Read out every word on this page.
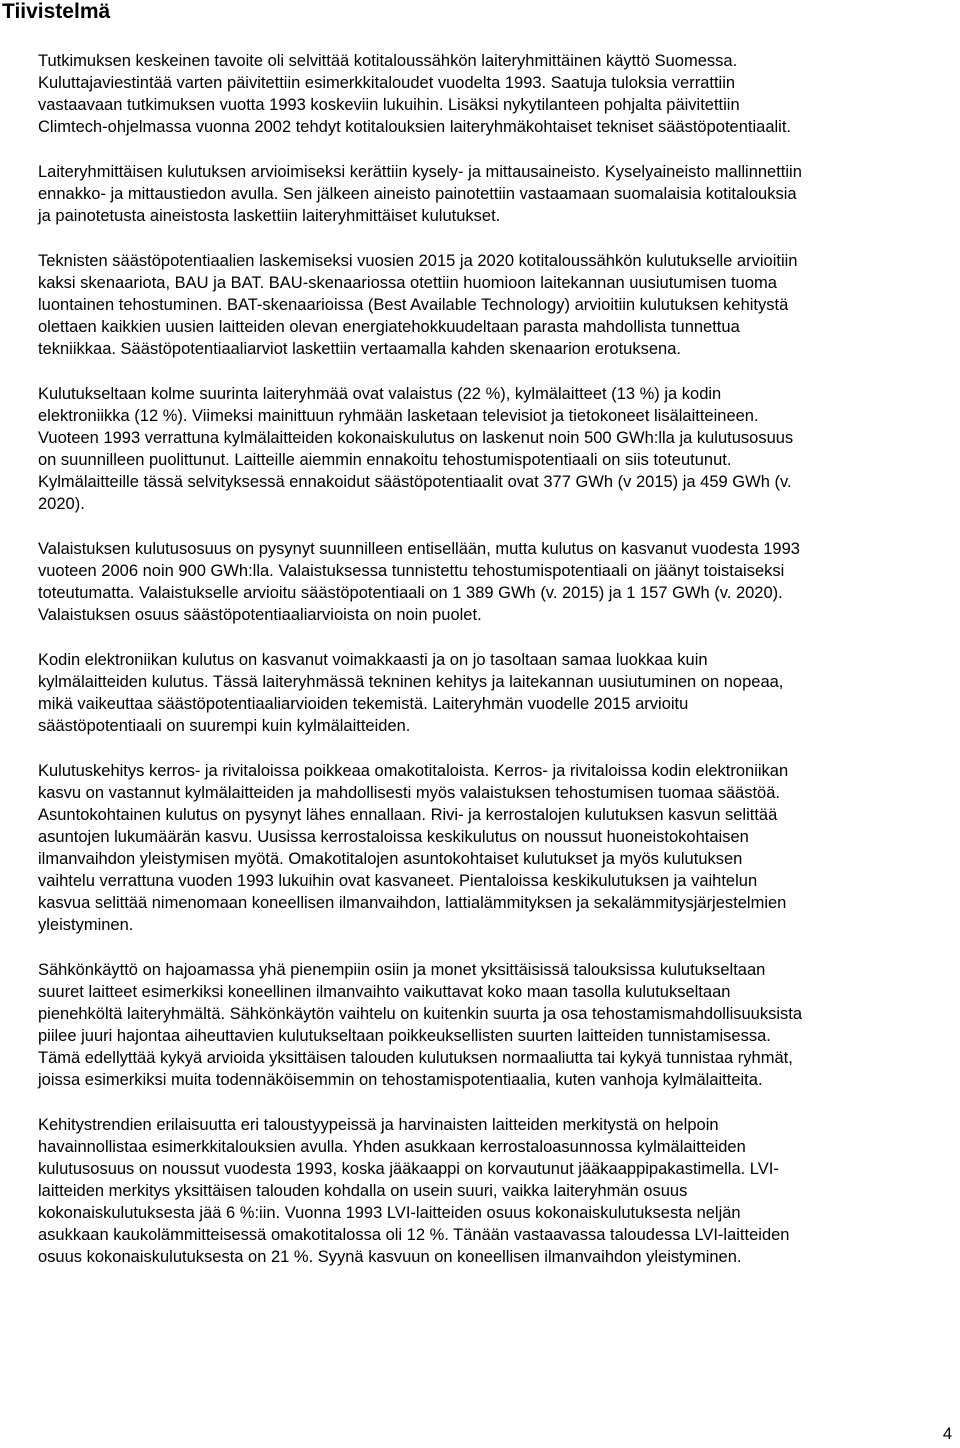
Tiivistelmä

Tutkimuksen keskeinen tavoite oli selvittää kotitaloussähkön laiteryhmittäinen käyttö Suomessa.
Kuluttajaviestintää varten päivitettiin esimerkkitaloudet vuodelta 1993. Saatuja tuloksia verrattiin
vastaavaan tutkimuksen vuotta 1993 koskeviin lukuihin. Lisäksi nykytilanteen pohjalta päivitettiin
Climtech-ohjelmassa vuonna 2002 tehdyt kotitalouksien laiteryhmäkohtaiset tekniset säästöpotentiaalit.

Laiteryhmittäisen kulutuksen arvioimiseksi kerättiin kysely- ja mittausaineisto. Kyselyaineisto mallinnettiin
ennakko- ja mittaustiedon avulla. Sen jälkeen aineisto painotettiin vastaamaan suomalaisia kotitalouksia
ja painotetusta aineistosta laskettiin laiteryhmittäiset kulutukset.

Teknisten säästöpotentiaalien laskemiseksi vuosien 2015 ja 2020 kotitaloussähkön kulutukselle arvioitiin
kaksi skenaariota, BAU ja BAT. BAU-skenaariossa otettiin huomioon laitekannan uusiutumisen tuoma
luontainen tehostuminen. BAT-skenaarioissa (Best Available Technology) arvioitiin kulutuksen kehitystä
olettaen kaikkien uusien laitteiden olevan energiatehokkuudeltaan parasta mahdollista tunnettua
tekniikkaa. Säästöpotentiaaliarviot laskettiin vertaamalla kahden skenaarion erotuksena.

Kulutukseltaan kolme suurinta laiteryhmää ovat valaistus (22 %), kylmälaitteet (13 %) ja kodin
elektroniikka (12 %). Viimeksi mainittuun ryhmään lasketaan televisiot ja tietokoneet lisälaitteineen.
Vuoteen 1993 verrattuna kylmälaitteiden kokonaiskulutus on laskenut noin 500 GWh:lla ja kulutusosuus
on suunnilleen puolittunut. Laitteille aiemmin ennakoitu tehostumispotentiaali on siis toteutunut.
Kylmälaitteille tässä selvityksessä ennakoidut säästöpotentiaalit ovat 377 GWh (v 2015) ja 459 GWh (v.
2020).

Valaistuksen kulutusosuus on pysynyt suunnilleen entisellään, mutta kulutus on kasvanut vuodesta 1993
vuoteen 2006 noin 900 GWh:lla. Valaistuksessa tunnistettu tehostumispotentiaali on jäänyt toistaiseksi
toteutumatta. Valaistukselle arvioitu säästöpotentiaali on 1 389 GWh (v. 2015) ja 1 157 GWh (v. 2020).
Valaistuksen osuus säästöpotentiaaliarvioista on noin puolet.

Kodin elektroniikan kulutus on kasvanut voimakkaasti ja on jo tasoltaan samaa luokkaa kuin
kylmälaitteiden kulutus. Tässä laiteryhmässä tekninen kehitys ja laitekannan uusiutuminen on nopeaa,
mikä vaikeuttaa säästöpotentiaaliarvioiden tekemistä. Laiteryhmän vuodelle 2015 arvioitu
säästöpotentiaali on suurempi kuin kylmälaitteiden.

Kulutuskehitys kerros- ja rivitaloissa poikkeaa omakotitaloista. Kerros- ja rivitaloissa kodin elektroniikan
kasvu on vastannut kylmälaitteiden ja mahdollisesti myös valaistuksen tehostumisen tuomaa säästöä.
Asuntokohtainen kulutus on pysynyt lähes ennallaan. Rivi- ja kerrostalojen kulutuksen kasvun selittää
asuntojen lukumäärän kasvu. Uusissa kerrostaloissa keskikulutus on noussut huoneistokohtaisen
ilmanvaihdon yleistymisen myötä. Omakotitalojen asuntokohtaiset kulutukset ja myös kulutuksen
vaihtelu verrattuna vuoden 1993 lukuihin ovat kasvaneet. Pientaloissa keskikulutuksen ja vaihtelun
kasvua selittää nimenomaan koneellisen ilmanvaihdon, lattialämmityksen ja sekalämmitysjärjestelmien
yleistyminen.

Sähkönkäyttö on hajoamassa yhä pienempiin osiin ja monet yksittäisissä talouksissa kulutukseltaan
suuret laitteet esimerkiksi koneellinen ilmanvaihto vaikuttavat koko maan tasolla kulutukseltaan
pienehköltä laiteryhmältä. Sähkönkäytön vaihtelu on kuitenkin suurta ja osa tehostamismahdollisuuksista
piilee juuri hajontaa aiheuttavien kulutukseltaan poikkeuksellisten suurten laitteiden tunnistamisessa.
Tämä edellyttää kykyä arvioida yksittäisen talouden kulutuksen normaaliutta tai kykyä tunnistaa ryhmät,
joissa esimerkiksi muita todennäköisemmin on tehostamispotentiaalia, kuten vanhoja kylmälaitteita.

Kehitystrendien erilaisuutta eri taloustyypeissä ja harvinaisten laitteiden merkitystä on helpoin
havainnollistaa esimerkkitalouksien avulla. Yhden asukkaan kerrostaloasunnossa kylmälaitteiden
kulutusosuus on noussut vuodesta 1993, koska jääkaappi on korvautunut jääkaappipakastimella. LVI-
laitteiden merkitys yksittäisen talouden kohdalla on usein suuri, vaikka laiteryhmän osuus
kokonaiskulutuksesta jää 6 %:iin. Vuonna 1993 LVI-laitteiden osuus kokonaiskulutuksesta neljän
asukkaan kaukolämmitteisessä omakotitalossa oli 12 %. Tänään vastaavassa taloudessa LVI-laitteiden
osuus kokonaiskulutuksesta on 21 %. Syynä kasvuun on koneellisen ilmanvaihdon yleistyminen.

4
